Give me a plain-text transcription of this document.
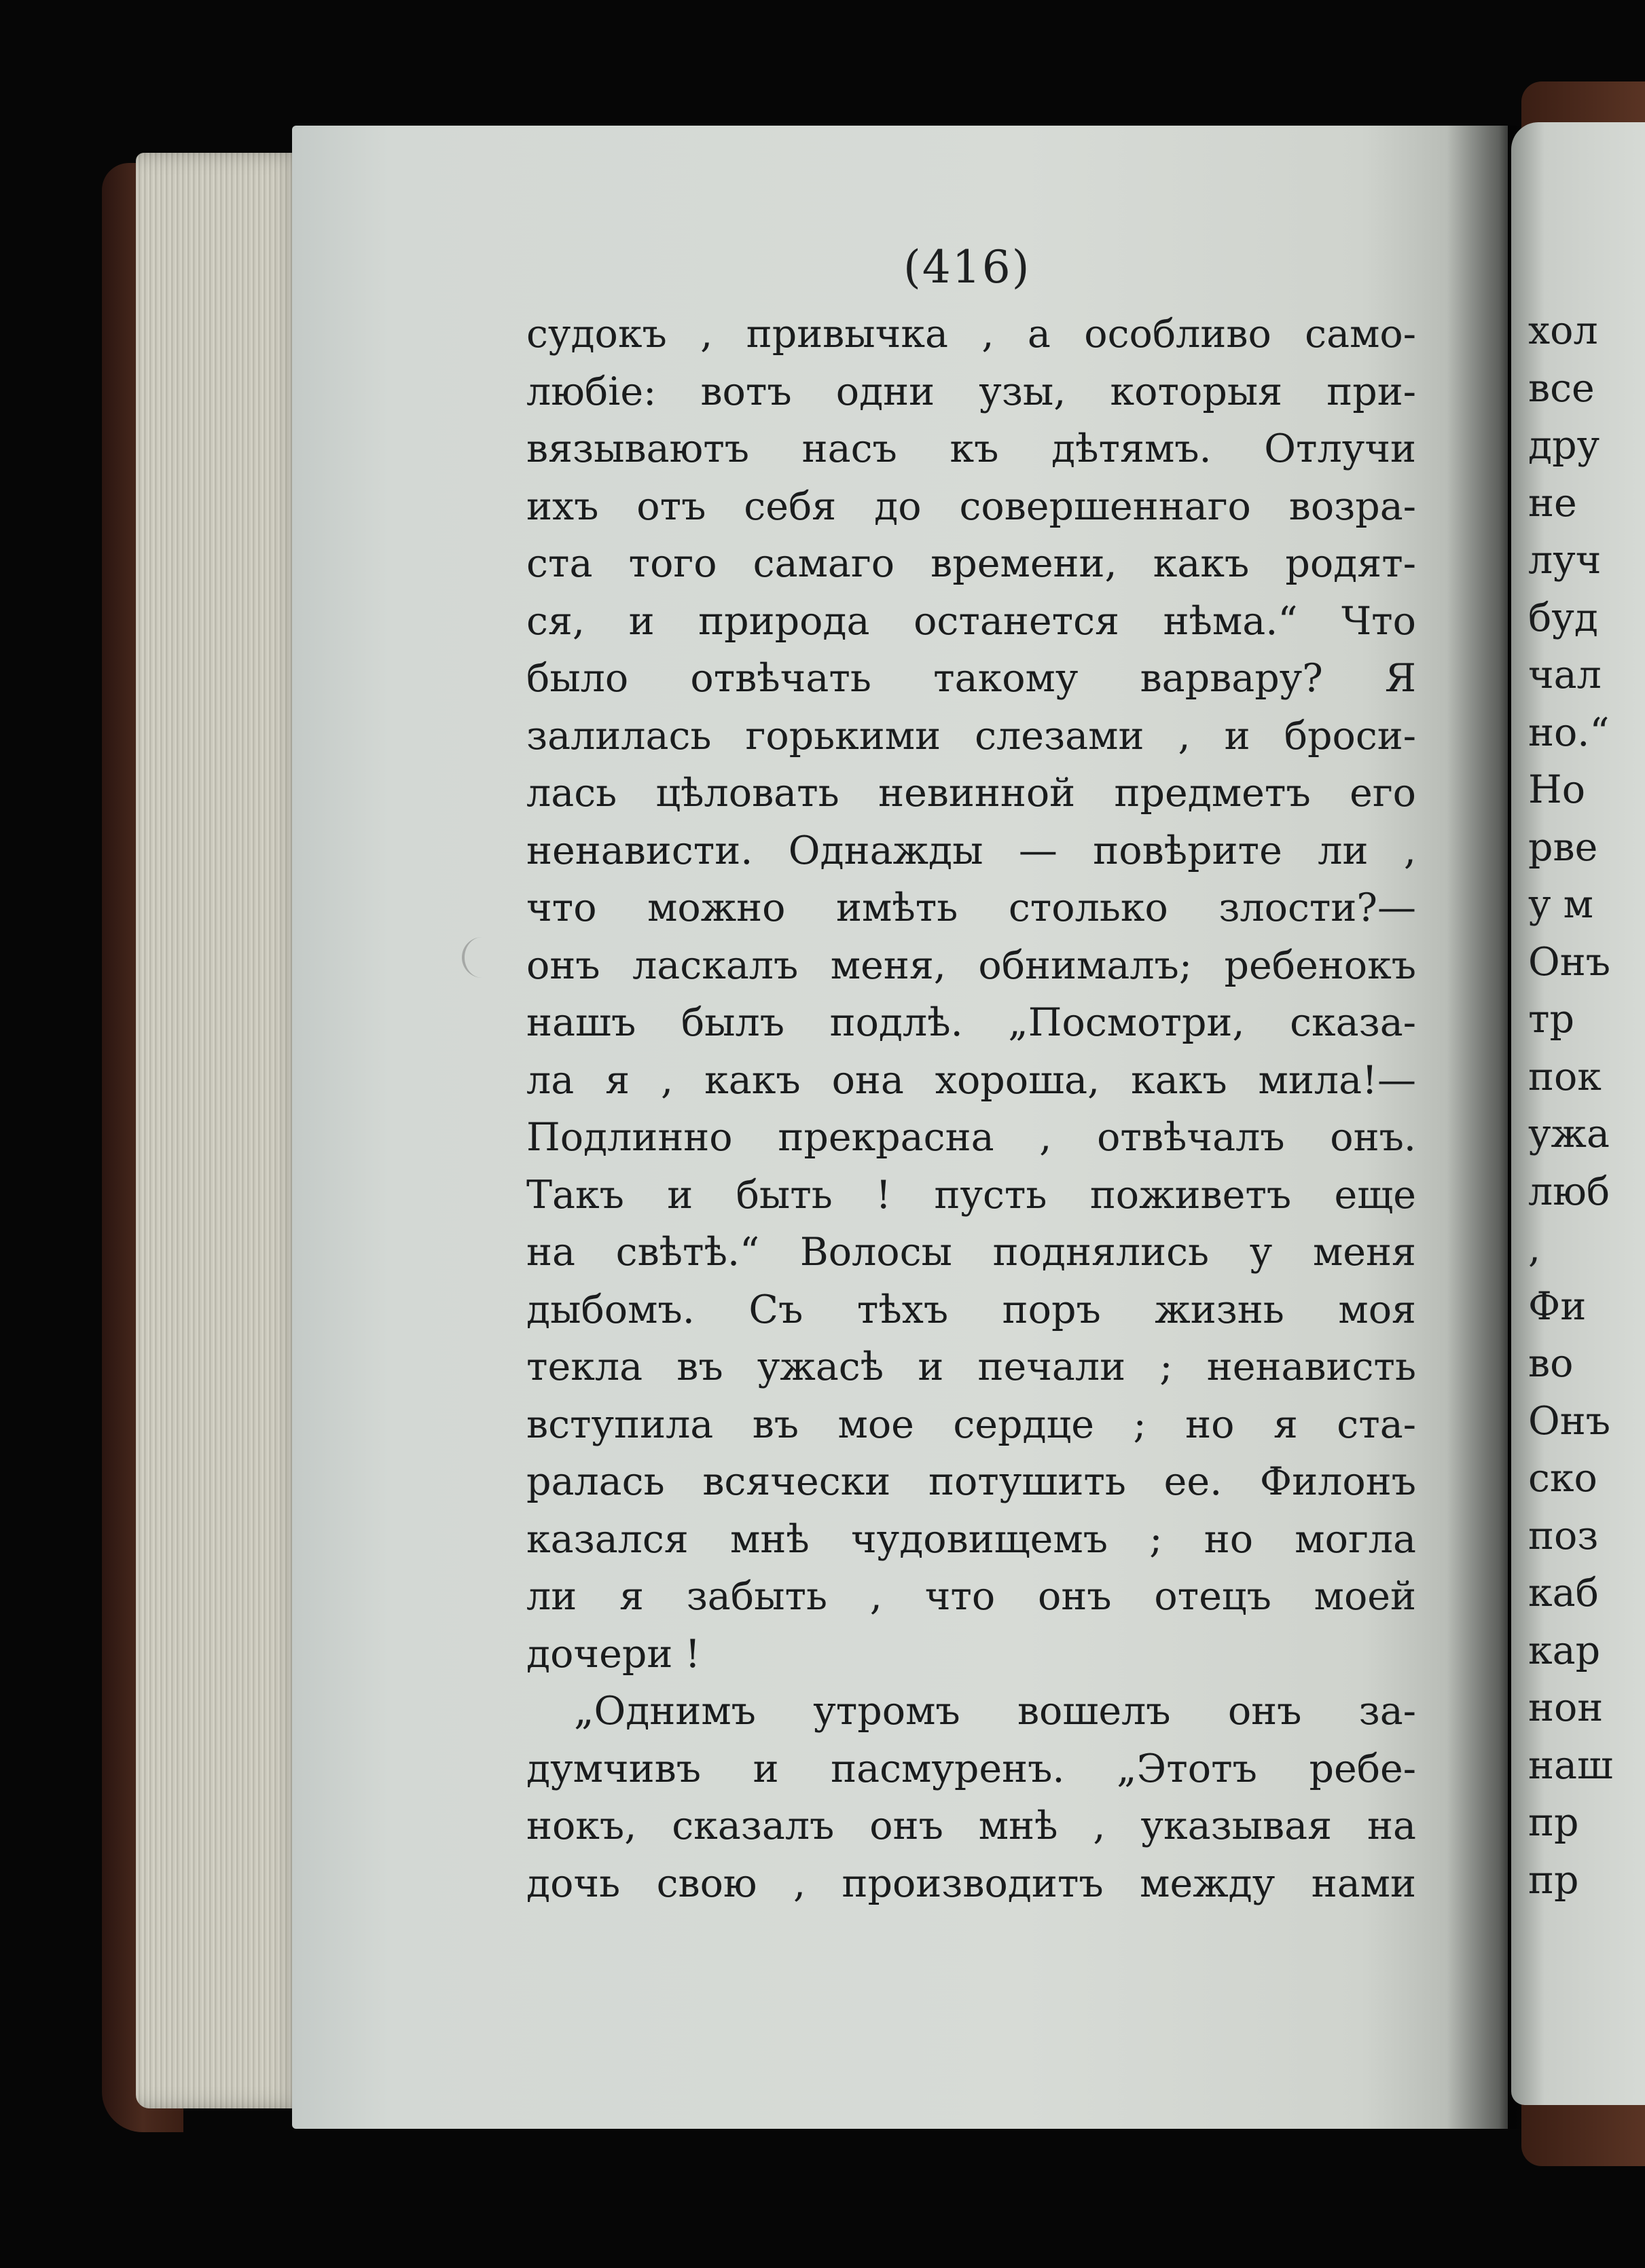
(416)
судокъ , привычка , а особливо само-
любіе: вотъ одни узы, которыя при-
вязываютъ насъ къ дѣтямъ. Отлучи
ихъ отъ себя до совершеннаго возра-
ста того самаго времени, какъ родят-
ся, и природа останется нѣма.“ Что
было отвѣчать такому варвару? Я
залилась горькими слезами , и броси-
лась цѣловать невинной предметъ его
ненависти. Однажды — повѣрите ли ,
что можно имѣть столько злости?—
онъ ласкалъ меня, обнималъ; ребенокъ
нашъ былъ подлѣ. „Посмотри, сказа-
ла я , какъ она хороша, какъ мила!—
Подлинно прекрасна , отвѣчалъ онъ.
Такъ и быть ! пусть поживетъ еще
на свѣтѣ.“ Волосы поднялись у меня
дыбомъ. Съ тѣхъ поръ жизнь моя
текла въ ужасѣ и печали ; ненависть
вступила въ мое сердце ; но я ста-
ралась всячески потушить ее. Филонъ
казался мнѣ чудовищемъ ; но могла
ли я забыть , что онъ отецъ моей
дочери !
„Однимъ утромъ вошелъ онъ за-
думчивъ и пасмуренъ. „Этотъ ребе-
нокъ, сказалъ онъ мнѣ , указывая на
дочь свою , производитъ между нами
хол
все
дру
не
луч
буд
чал
но.“
Но
рве
у м
Онъ
тр
пок
ужа
люб
,
Фи
во
Онъ
ско
поз
каб
кар
нон
наш
пр
пр
